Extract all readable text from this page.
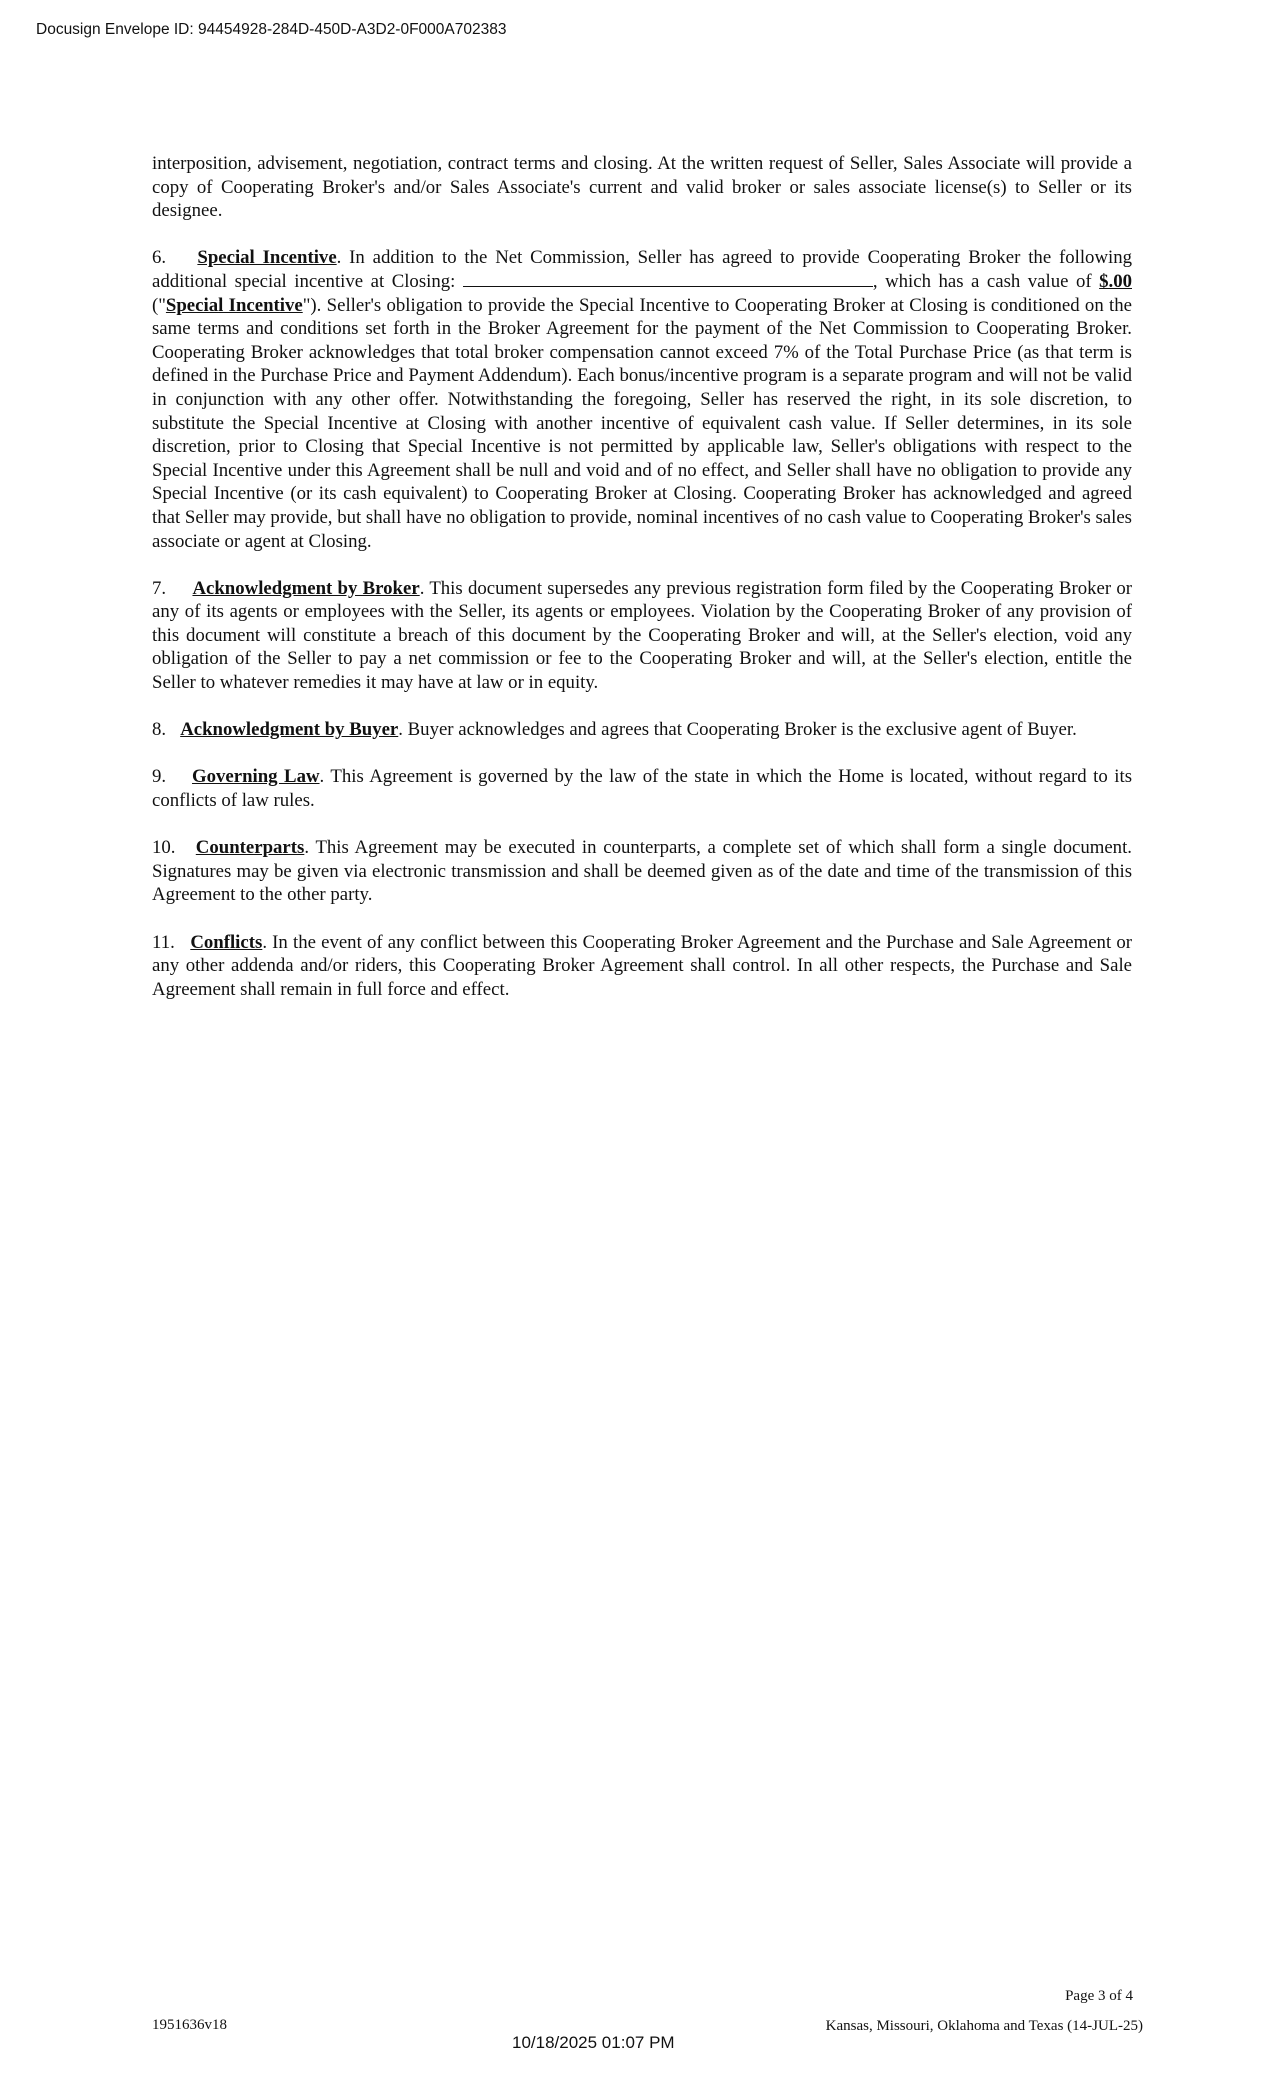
Docusign Envelope ID: 94454928-284D-450D-A3D2-0F000A702383

interposition, advisement, negotiation, contract terms and closing. At the written request of Seller, Sales Associate will provide a copy of Cooperating Broker's and/or Sales Associate's current and valid broker or sales associate license(s) to Seller or its designee.

6. Special Incentive. In addition to the Net Commission, Seller has agreed to provide Cooperating Broker the following additional special incentive at Closing:	, which has a cash value of $.00 ("Special Incentive"). Seller's obligation to provide the Special Incentive to Cooperating Broker at Closing is conditioned on the same terms and conditions set forth in the Broker Agreement for the payment of the Net Commission to Cooperating Broker. Cooperating Broker acknowledges that total broker compensation cannot exceed 7% of the Total Purchase Price (as that term is defined in the Purchase Price and Payment Addendum). Each bonus/incentive program is a separate program and will not be valid in conjunction with any other offer. Notwithstanding the foregoing, Seller has reserved the right, in its sole discretion, to substitute the Special Incentive at Closing with another incentive of equivalent cash value. If Seller determines, in its sole discretion, prior to Closing that Special Incentive is not permitted by applicable law, Seller's obligations with respect to the Special Incentive under this Agreement shall be null and void and of no effect, and Seller shall have no obligation to provide any Special Incentive (or its cash equivalent) to Cooperating Broker at Closing. Cooperating Broker has acknowledged and agreed that Seller may provide, but shall have no obligation to provide, nominal incentives of no cash value to Cooperating Broker's sales associate or agent at Closing.

7. Acknowledgment by Broker. This document supersedes any previous registration form filed by the Cooperating Broker or any of its agents or employees with the Seller, its agents or employees. Violation by the Cooperating Broker of any provision of this document will constitute a breach of this document by the Cooperating Broker and will, at the Seller's election, void any obligation of the Seller to pay a net commission or fee to the Cooperating Broker and will, at the Seller's election, entitle the Seller to whatever remedies it may have at law or in equity.

8. Acknowledgment by Buyer. Buyer acknowledges and agrees that Cooperating Broker is the exclusive agent of Buyer.

9. Governing Law. This Agreement is governed by the law of the state in which the Home is located, without regard to its conflicts of law rules.

10. Counterparts. This Agreement may be executed in counterparts, a complete set of which shall form a single document. Signatures may be given via electronic transmission and shall be deemed given as of the date and time of the transmission of this Agreement to the other party.

11. Conflicts. In the event of any conflict between this Cooperating Broker Agreement and the Purchase and Sale Agreement or any other addenda and/or riders, this Cooperating Broker Agreement shall control. In all other respects, the Purchase and Sale Agreement shall remain in full force and effect.

1951636v18
10/18/2025 01:07 PM
Page 3 of 4
Kansas, Missouri, Oklahoma and Texas (14-JUL-25)
